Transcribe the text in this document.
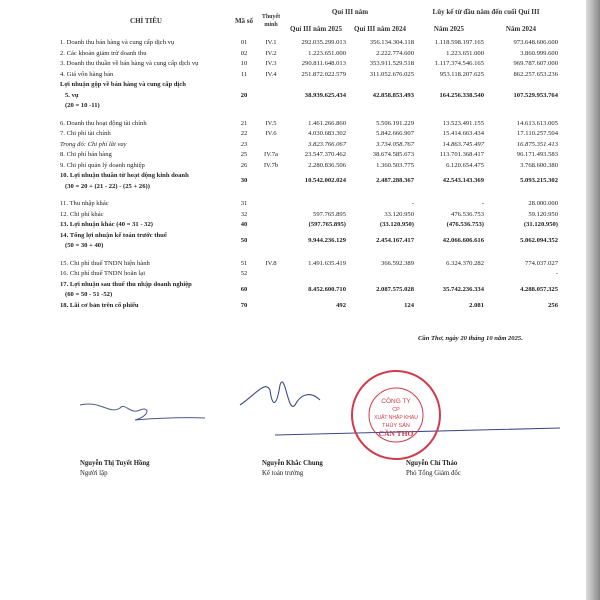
CHỈ TIÊU	Mã số	Thuyết minh	Quí III năm		Lũy kế từ đầu năm đến cuối Quí III	
			Quí III năm 2025	Quí III năm 2024	Năm 2025	Năm 2024

1. Doanh thu bán hàng và cung cấp dịch vụ	01	IV.1	292.035.299.013	356.134.304.118	1.118.598.197.165	973.648.606.600

2. Các khoản giảm trừ doanh thu	02	IV.2	1.223.651.000	2.222.774.600	1.223.651.000	3.860.999.600

3. Doanh thu thuần về bán hàng và cung cấp dịch vụ	10	IV.3	290.811.648.013	353.911.529.518	1.117.374.546.165	969.787.607.000

4. Giá vốn hàng bán	11	IV.4	251.872.022.579	311.052.676.025	953.118.207.625	862.257.653.236

Lợi nhuận gộp về bán hàng và cung cấp dịch
5. vụ
(20 = 10 -11)	20		38.939.625.434	42.858.853.493	164.256.338.540	107.529.953.764

6. Doanh thu hoạt động tài chính	21	IV.5	1.461.266.860	5.506.191.229	13.523.491.155	14.613.613.005

7. Chi phí tài chính	22	IV.6	4.030.683.302	5.842.666.907	15.414.663.434	17.110.257.504

Trong đó: Chi phí lãi vay	23		3.823.766.067	3.734.058.767	14.863.745.497	16.875.351.413

8. Chi phí bán hàng	25	IV.7a	23.547.370.462	38.674.585.673	113.701.368.417	96.171.493.583

9. Chi phí quản lý doanh nghiệp	26	IV.7b	2.280.836.506	1.360.503.775	6.120.654.475	3.768.600.380

10. Lợi nhuận thuần từ hoạt động kinh doanh
(30 = 20 + (21 - 22) - (25 + 26))	30		10.542.002.024	2.487.288.367	42.543.143.369	5.093.215.302

11. Thu nhập khác	31			-	-	28.000.000

12. Chi phí khác	32		597.765.895	33.120.950	476.536.753	59.120.950

13. Lợi nhuận khác (40 = 31 - 32)	40		(597.765.895)	(33.120.950)	(476.536.753)	(31.120.950)

14. Tổng lợi nhuận kế toán trước thuế
(50 = 30 + 40)	50		9.944.236.129	2.454.167.417	42.066.606.616	5.062.094.352

15. Chi phí thuế TNDN hiện hành	51	IV.8	1.491.635.419	366.592.389	6.324.370.282	774.037.027

16. Chi phí thuế TNDN hoãn lại	52					-

17. Lợi nhuận sau thuế thu nhập doanh nghiệp
(60 = 50 - 51 -52)	60		8.452.600.710	2.087.575.028	35.742.236.334	4.288.057.325

18. Lãi cơ bản trên cổ phiếu	70		492	124	2.081	256
Cần Thơ, ngày 20 tháng 10 năm 2025.
CÔNG TY
CP
XUẤT NHẬP KHẨU
THỦY SẢN
CẦN THƠ
Nguyễn Thị Tuyết Hồng
Người lập
Nguyễn Khắc Chung
Kế toán trưởng
Nguyễn Chí Thảo
Phó Tổng Giám đốc
